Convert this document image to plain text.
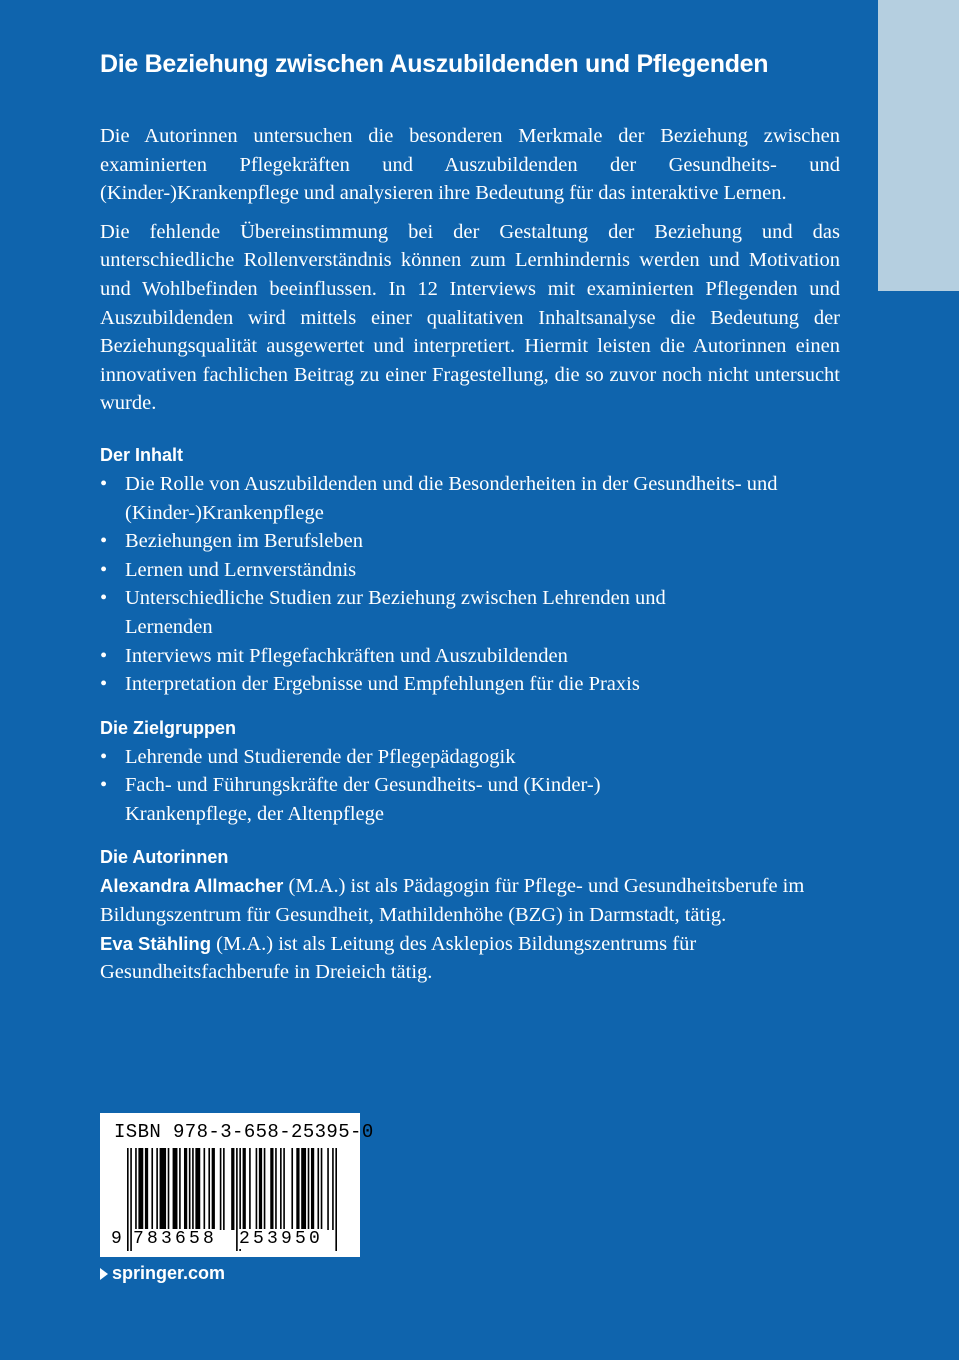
Die Beziehung zwischen Auszubildenden und Pflegenden

Die Autorinnen untersuchen die besonderen Merkmale der Beziehung zwischen examinierten Pflegekräften und Auszubildenden der Gesundheits- und (Kinder-)Krankenpflege und analysieren ihre Bedeutung für das interaktive Lernen.

Die fehlende Übereinstimmung bei der Gestaltung der Beziehung und das unterschiedliche Rollenverständnis können zum Lernhindernis werden und Motivation und Wohlbefinden beeinflussen. In 12 Interviews mit examinierten Pflegenden und Auszubildenden wird mittels einer qualitativen Inhaltsanalyse die Bedeutung der Beziehungsqualität ausgewertet und interpretiert. Hiermit leisten die Autorinnen einen innovativen fachlichen Beitrag zu einer Fragestellung, die so zuvor noch nicht untersucht wurde.

Der Inhalt
• Die Rolle von Auszubildenden und die Besonderheiten in der Gesundheits- und (Kinder-)Krankenpflege
• Beziehungen im Berufsleben
• Lernen und Lernverständnis
• Unterschiedliche Studien zur Beziehung zwischen Lehrenden und Lernenden
• Interviews mit Pflegefachkräften und Auszubildenden
• Interpretation der Ergebnisse und Empfehlungen für die Praxis
Die Zielgruppen
• Lehrende und Studierende der Pflegepädagogik
• Fach- und Führungskräfte der Gesundheits- und (Kinder-) Krankenpflege, der Altenpflege
Die Autorinnen

Alexandra Allmacher (M.A.) ist als Pädagogin für Pflege- und Gesundheitsberufe im Bildungszentrum für Gesundheit, Mathildenhöhe (BZG) in Darmstadt, tätig.

Eva Stähling (M.A.) ist als Leitung des Asklepios Bildungszentrums für Gesundheitsfachberufe in Dreieich tätig.

ISBN 978-3-658-25395-0
9 783658 253950
springer.com
